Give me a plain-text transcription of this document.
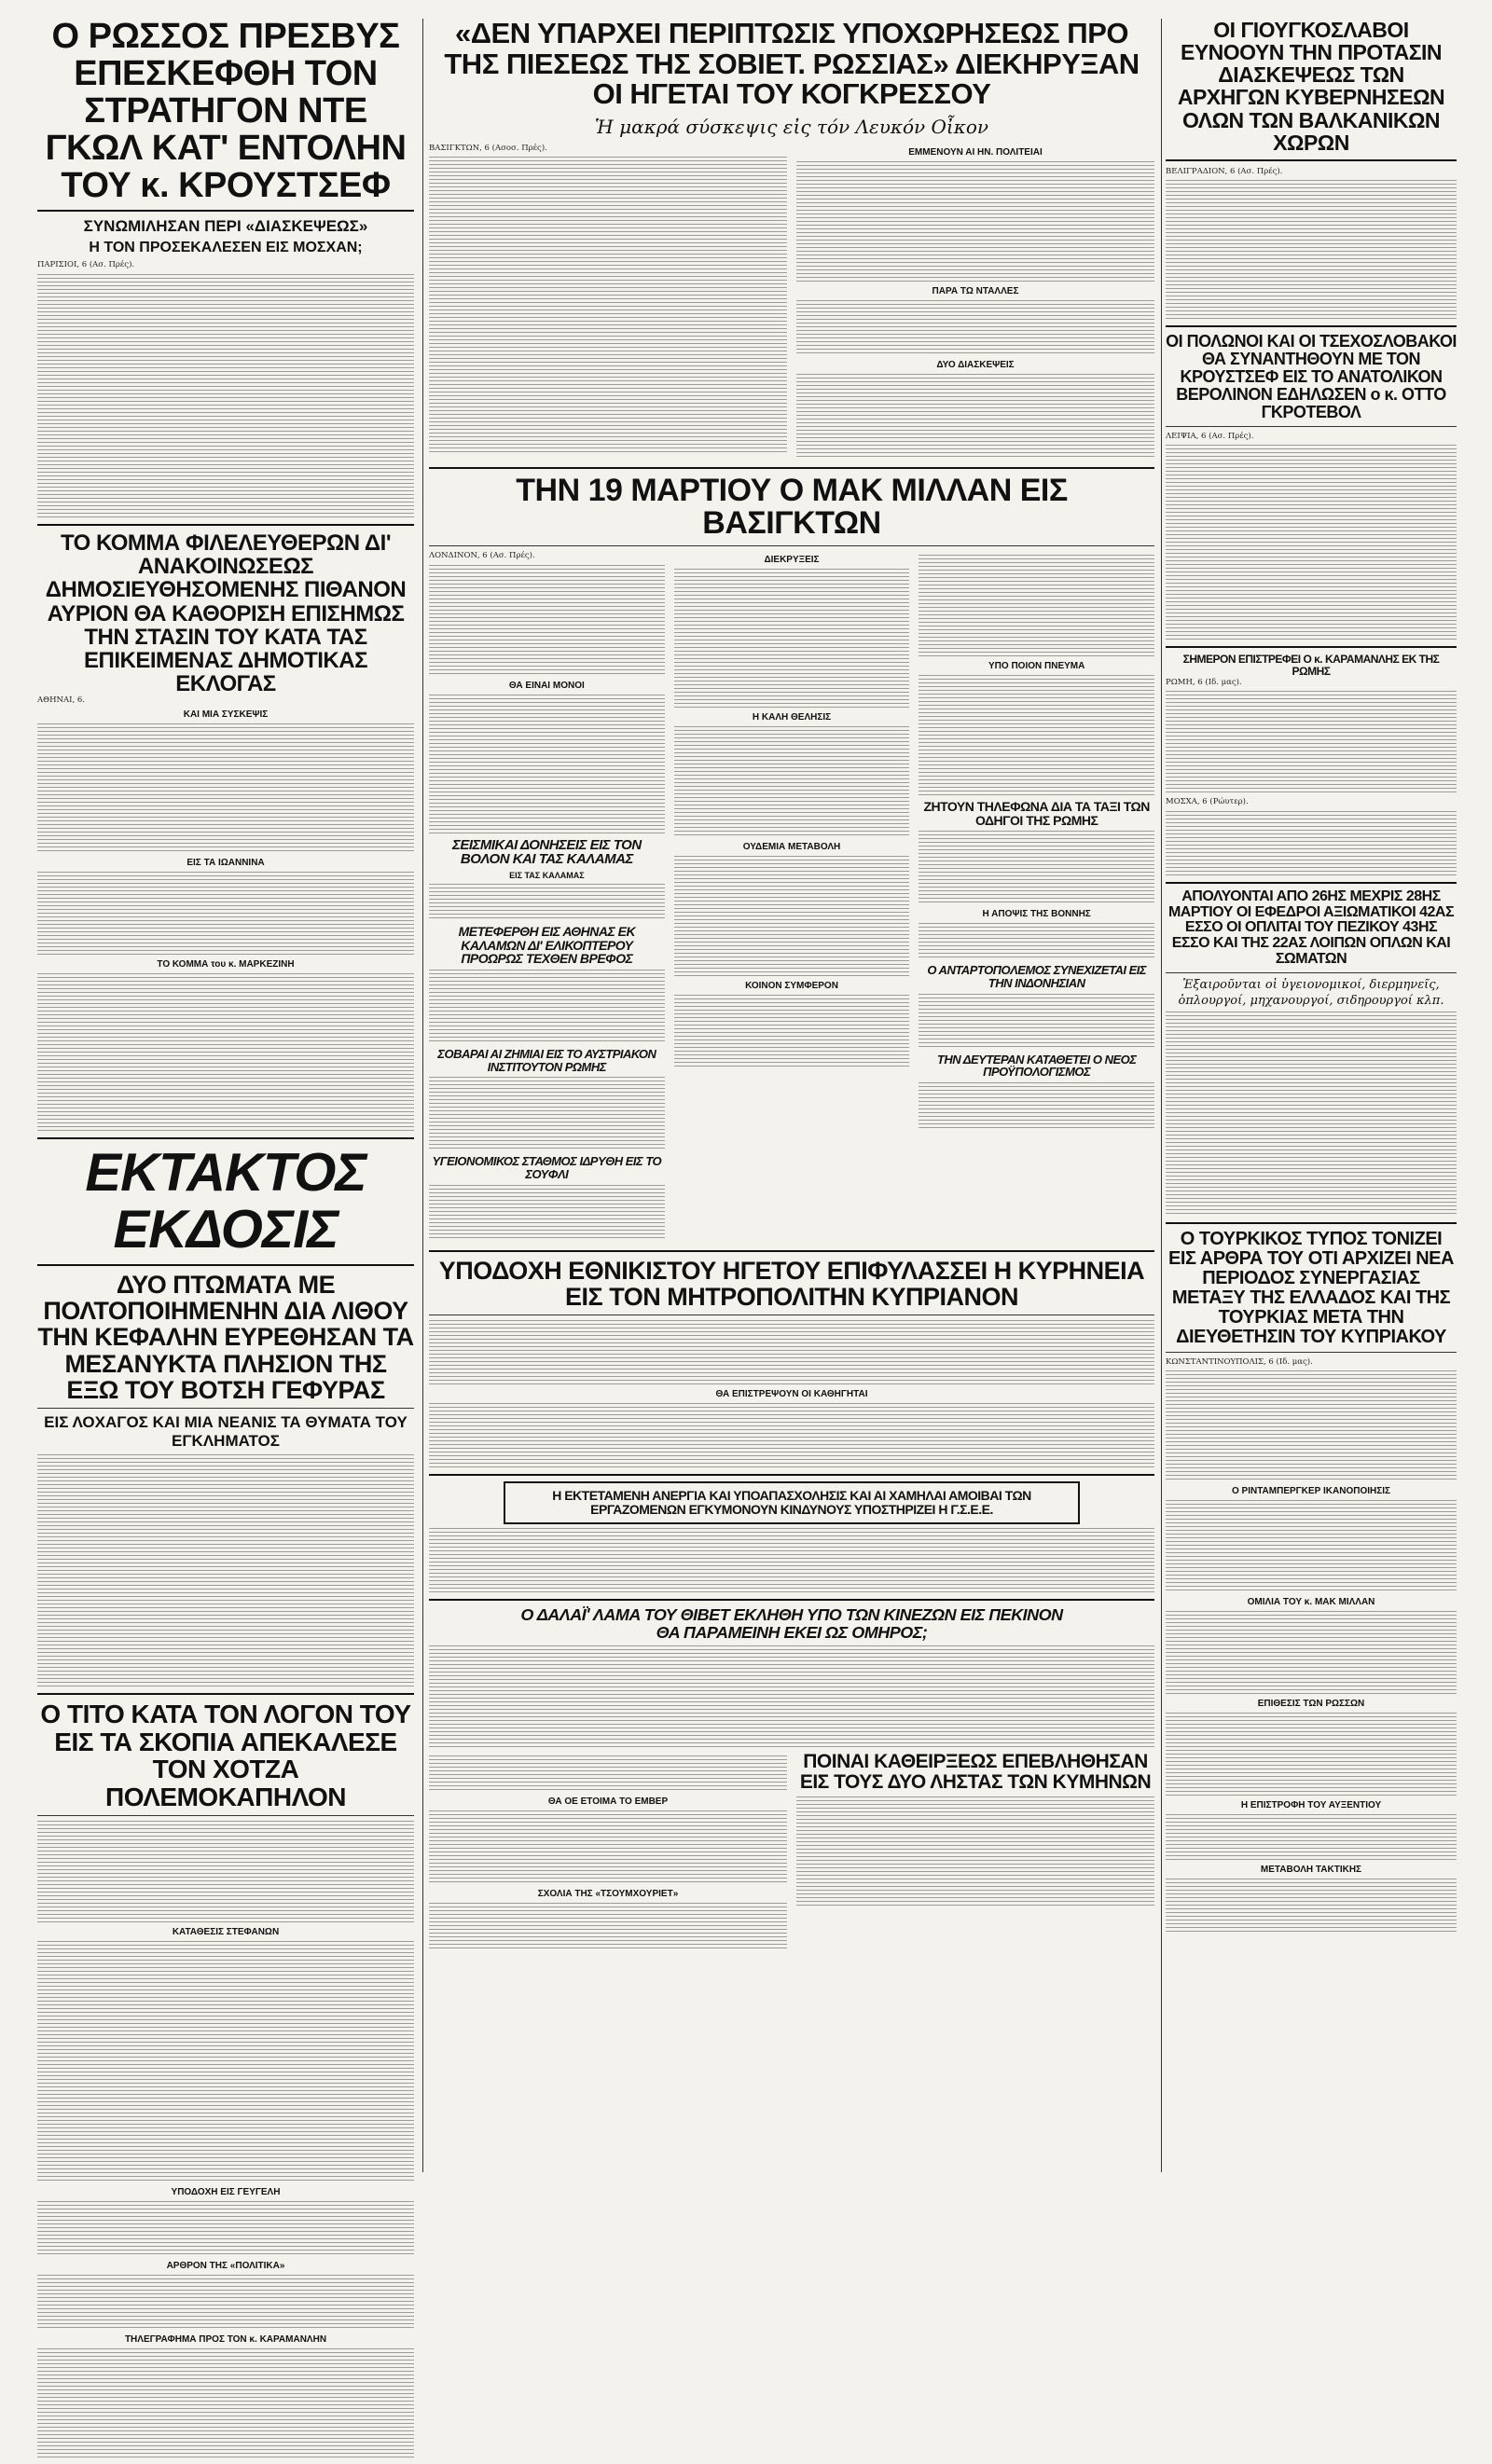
Ο ΡΩΣΣΟΣ ΠΡΕΣΒΥΣ ΕΠΕΣΚΕΦΘΗ ΤΟΝ ΣΤΡΑΤΗΓΟΝ ΝΤΕ ΓΚΩΛ ΚΑΤ' ΕΝΤΟΛΗΝ ΤΟΥ κ. ΚΡΟΥΣΤΣΕΦ
ΣΥΝΩΜΙΛΗΣΑΝ ΠΕΡΙ «ΔΙΑΣΚΕΨΕΩΣ»
Η ΤΟΝ ΠΡΟΣΕΚΑΛΕΣΕΝ ΕΙΣ ΜΟΣΧΑΝ;

ΠΑΡΙΣΙΟΙ, 6 (Ασ. Πρές).

ΤΟ ΚΟΜΜΑ ΦΙΛΕΛΕΥΘΕΡΩΝ ΔΙ' ΑΝΑΚΟΙΝΩΣΕΩΣ ΔΗΜΟΣΙΕΥΘΗΣΟΜΕΝΗΣ ΠΙΘΑΝΟΝ ΑΥΡΙΟΝ ΘΑ ΚΑΘΟΡΙΣΗ ΕΠΙΣΗΜΩΣ ΤΗΝ ΣΤΑΣΙΝ ΤΟΥ ΚΑΤΑ ΤΑΣ ΕΠΙΚΕΙΜΕΝΑΣ ΔΗΜΟΤΙΚΑΣ ΕΚΛΟΓΑΣ

ΑΘΗΝΑΙ, 6.

ΚΑΙ ΜΙΑ ΣΥΣΚΕΨΙΣ
ΕΙΣ ΤΑ ΙΩΑΝΝΙΝΑ
ΤΟ ΚΟΜΜΑ του κ. ΜΑΡΚΕΖΙΝΗ
ΕΚΤΑΚΤΟΣ ΕΚΔΟΣΙΣ
ΔΥΟ ΠΤΩΜΑΤΑ ΜΕ ΠΟΛΤΟΠΟΙΗΜΕΝΗΝ ΔΙΑ ΛΙΘΟΥ ΤΗΝ ΚΕΦΑΛΗΝ ΕΥΡΕΘΗΣΑΝ ΤΑ ΜΕΣΑΝΥΚΤΑ ΠΛΗΣΙΟΝ ΤΗΣ ΕΞΩ ΤΟΥ ΒΟΤΣΗ ΓΕΦΥΡΑΣ
ΕΙΣ ΛΟΧΑΓΟΣ ΚΑΙ ΜΙΑ ΝΕΑΝΙΣ ΤΑ ΘΥΜΑΤΑ ΤΟΥ ΕΓΚΛΗΜΑΤΟΣ
Ο ΤΙΤΟ ΚΑΤΑ ΤΟΝ ΛΟΓΟΝ ΤΟΥ ΕΙΣ ΤΑ ΣΚΟΠΙΑ ΑΠΕΚΑΛΕΣΕ ΤΟΝ ΧΟΤΖΑ ΠΟΛΕΜΟΚΑΠΗΛΟΝ
ΚΑΤΑΘΕΣΙΣ ΣΤΕΦΑΝΩΝ
ΥΠΟΔΟΧΗ ΕΙΣ ΓΕΥΓΕΛΗ
ΑΡΘΡΟΝ ΤΗΣ «ΠΟΛΙΤΙΚΑ»
ΤΗΛΕΓΡΑΦΗΜΑ ΠΡΟΣ ΤΟΝ κ. ΚΑΡΑΜΑΝΛΗΝ
«ΔΕΝ ΥΠΑΡΧΕΙ ΠΕΡΙΠΤΩΣΙΣ ΥΠΟΧΩΡΗΣΕΩΣ ΠΡΟ ΤΗΣ ΠΙΕΣΕΩΣ ΤΗΣ ΣΟΒΙΕΤ. ΡΩΣΣΙΑΣ» ΔΙΕΚΗΡΥΞΑΝ ΟΙ ΗΓΕΤΑΙ ΤΟΥ ΚΟΓΚΡΕΣΣΟΥ
Ἡ μακρά σύσκεψις εἰς τόν Λευκόν Οἶκον

ΒΑΣΙΓΚΤΩΝ, 6 (Ασοσ. Πρές).	ΕΜΜΕΝΟΥΝ ΑΙ ΗΝ. ΠΟΛΙΤΕΙΑΙ
ΠΑΡΑ ΤΩ ΝΤΑΛΛΕΣ
ΔΥΟ ΔΙΑΣΚΕΨΕΙΣ
ΤΗΝ 19 ΜΑΡΤΙΟΥ Ο ΜΑΚ ΜΙΛΛΑΝ ΕΙΣ ΒΑΣΙΓΚΤΩΝ

ΛΟΝΔΙΝΟΝ, 6 (Ασ. Πρές).

ΘΑ ΕΙΝΑΙ ΜΟΝΟΙ
ΣΕΙΣΜΙΚΑΙ ΔΟΝΗΣΕΙΣ ΕΙΣ ΤΟΝ ΒΟΛΟΝ ΚΑΙ ΤΑΣ ΚΑΛΑΜΑΣ
ΕΙΣ ΤΑΣ ΚΑΛΑΜΑΣ
ΜΕΤΕΦΕΡΘΗ ΕΙΣ ΑΘΗΝΑΣ ΕΚ ΚΑΛΑΜΩΝ ΔΙ' ΕΛΙΚΟΠΤΕΡΟΥ ΠΡΟΩΡΩΣ ΤΕΧΘΕΝ ΒΡΕΦΟΣ
ΣΟΒΑΡΑΙ ΑΙ ΖΗΜΙΑΙ ΕΙΣ ΤΟ ΑΥΣΤΡΙΑΚΟΝ ΙΝΣΤΙΤΟΥΤΟΝ ΡΩΜΗΣ
ΥΓΕΙΟΝΟΜΙΚΟΣ ΣΤΑΘΜΟΣ ΙΔΡΥΘΗ ΕΙΣ ΤΟ ΣΟΥΦΛΙ
ΔΙΕΚΡΥΞΕΙΣ
Η ΚΑΛΗ ΘΕΛΗΣΙΣ
ΟΥΔΕΜΙΑ ΜΕΤΑΒΟΛΗ
ΚΟΙΝΟΝ ΣΥΜΦΕΡΟΝ
ΥΠΟ ΠΟΙΟΝ ΠΝΕΥΜΑ
ΖΗΤΟΥΝ ΤΗΛΕΦΩΝΑ ΔΙΑ ΤΑ ΤΑΞΙ ΤΩΝ ΟΔΗΓΟΙ ΤΗΣ ΡΩΜΗΣ
Η ΑΠΟΨΙΣ ΤΗΣ ΒΟΝΝΗΣ
Ο ΑΝΤΑΡΤΟΠΟΛΕΜΟΣ ΣΥΝΕΧΙΖΕΤΑΙ ΕΙΣ ΤΗΝ ΙΝΔΟΝΗΣΙΑΝ
ΤΗΝ ΔΕΥΤΕΡΑΝ ΚΑΤΑΘΕΤΕΙ Ο ΝΕΟΣ ΠΡΟΫΠΟΛΟΓΙΣΜΟΣ
ΥΠΟΔΟΧΗ ΕΘΝΙΚΙΣΤΟΥ ΗΓΕΤΟΥ ΕΠΙΦΥΛΑΣΣΕΙ Η ΚΥΡΗΝΕΙΑ ΕΙΣ ΤΟΝ ΜΗΤΡΟΠΟΛΙΤΗΝ ΚΥΠΡΙΑΝΟΝ
ΘΑ ΕΠΙΣΤΡΕΨΟΥΝ ΟΙ ΚΑΘΗΓΗΤΑΙ
Η ΕΚΤΕΤΑΜΕΝΗ ΑΝΕΡΓΙΑ ΚΑΙ ΥΠΟΑΠΑΣΧΟΛΗΣΙΣ ΚΑΙ ΑΙ ΧΑΜΗΛΑΙ ΑΜΟΙΒΑΙ ΤΩΝ ΕΡΓΑΖΟΜΕΝΩΝ ΕΓΚΥΜΟΝΟΥΝ ΚΙΝΔΥΝΟΥΣ ΥΠΟΣΤΗΡΙΖΕΙ Η Γ.Σ.Ε.Ε.
Ο ΔΑΛΑΪ' ΛΑΜΑ ΤΟΥ ΘΙΒΕΤ ΕΚΛΗΘΗ ΥΠΟ ΤΩΝ ΚΙΝΕΖΩΝ ΕΙΣ ΠΕΚΙΝΟΝ
ΘΑ ΠΑΡΑΜΕΙΝΗ ΕΚΕΙ ΩΣ ΟΜΗΡΟΣ;
ΘΑ ΟΕ ΕΤΟΙΜΑ ΤΟ ΕΜΒΕΡ
ΣΧΟΛΙΑ ΤΗΣ «ΤΣΟΥΜΧΟΥΡΙΕΤ»
ΠΟΙΝΑΙ ΚΑΘΕΙΡΞΕΩΣ ΕΠΕΒΛΗΘΗΣΑΝ ΕΙΣ ΤΟΥΣ ΔΥΟ ΛΗΣΤΑΣ ΤΩΝ ΚΥΜΗΝΩΝ
ΟΙ ΓΙΟΥΓΚΟΣΛΑΒΟΙ ΕΥΝΟΟΥΝ ΤΗΝ ΠΡΟΤΑΣΙΝ ΔΙΑΣΚΕΨΕΩΣ ΤΩΝ ΑΡΧΗΓΩΝ ΚΥΒΕΡΝΗΣΕΩΝ ΟΛΩΝ ΤΩΝ ΒΑΛΚΑΝΙΚΩΝ ΧΩΡΩΝ

ΒΕΛΙΓΡΑΔΙΟΝ, 6 (Ασ. Πρές).

ΟΙ ΠΟΛΩΝΟΙ ΚΑΙ ΟΙ ΤΣΕΧΟΣΛΟΒΑΚΟΙ ΘΑ ΣΥΝΑΝΤΗΘΟΥΝ ΜΕ ΤΟΝ ΚΡΟΥΣΤΣΕΦ ΕΙΣ ΤΟ ΑΝΑΤΟΛΙΚΟΝ ΒΕΡΟΛΙΝΟΝ ΕΔΗΛΩΣΕΝ ο κ. ΟΤΤΟ ΓΚΡΟΤΕΒΟΛ

ΛΕΙΨΙΑ, 6 (Ασ. Πρές).

ΣΗΜΕΡΟΝ ΕΠΙΣΤΡΕΦΕΙ Ο κ. ΚΑΡΑΜΑΝΛΗΣ ΕΚ ΤΗΣ ΡΩΜΗΣ

ΡΩΜΗ, 6 (Ιδ. μας).

ΜΟΣΧΑ, 6 (Ρώυτερ).

ΑΠΟΛΥΟΝΤΑΙ ΑΠΟ 26ΗΣ ΜΕΧΡΙΣ 28ΗΣ ΜΑΡΤΙΟΥ ΟΙ ΕΦΕΔΡΟΙ ΑΞΙΩΜΑΤΙΚΟΙ 42ΑΣ ΕΣΣΟ ΟΙ ΟΠΛΙΤΑΙ ΤΟΥ ΠΕΖΙΚΟΥ 43ΗΣ ΕΣΣΟ ΚΑΙ ΤΗΣ 22ΑΣ ΛΟΙΠΩΝ ΟΠΛΩΝ ΚΑΙ ΣΩΜΑΤΩΝ
Ἐξαιροῦνται οἱ ὑγειονομικοί, διερμηνεῖς,
ὁπλουργοί, μηχανουργοί, σιδηρουργοί κλπ.
Ο ΤΟΥΡΚΙΚΟΣ ΤΥΠΟΣ ΤΟΝΙΖΕΙ ΕΙΣ ΑΡΘΡΑ ΤΟΥ ΟΤΙ ΑΡΧΙΖΕΙ ΝΕΑ ΠΕΡΙΟΔΟΣ ΣΥΝΕΡΓΑΣΙΑΣ ΜΕΤΑΞΥ ΤΗΣ ΕΛΛΑΔΟΣ ΚΑΙ ΤΗΣ ΤΟΥΡΚΙΑΣ ΜΕΤΑ ΤΗΝ ΔΙΕΥΘΕΤΗΣΙΝ ΤΟΥ ΚΥΠΡΙΑΚΟΥ

ΚΩΝΣΤΑΝΤΙΝΟΥΠΟΛΙΣ, 6 (Ιδ. μας).

Ο ΡΙΝΤΑΜΠΕΡΓΚΕΡ ΙΚΑΝΟΠΟΙΗΣΙΣ
ΟΜΙΛΙΑ ΤΟΥ κ. ΜΑΚ ΜΙΛΛΑΝ
ΕΠΙΘΕΣΙΣ ΤΩΝ ΡΩΣΣΩΝ
Η ΕΠΙΣΤΡΟΦΗ ΤΟΥ ΑΥΞΕΝΤΙΟΥ
ΜΕΤΑΒΟΛΗ ΤΑΚΤΙΚΗΣ
